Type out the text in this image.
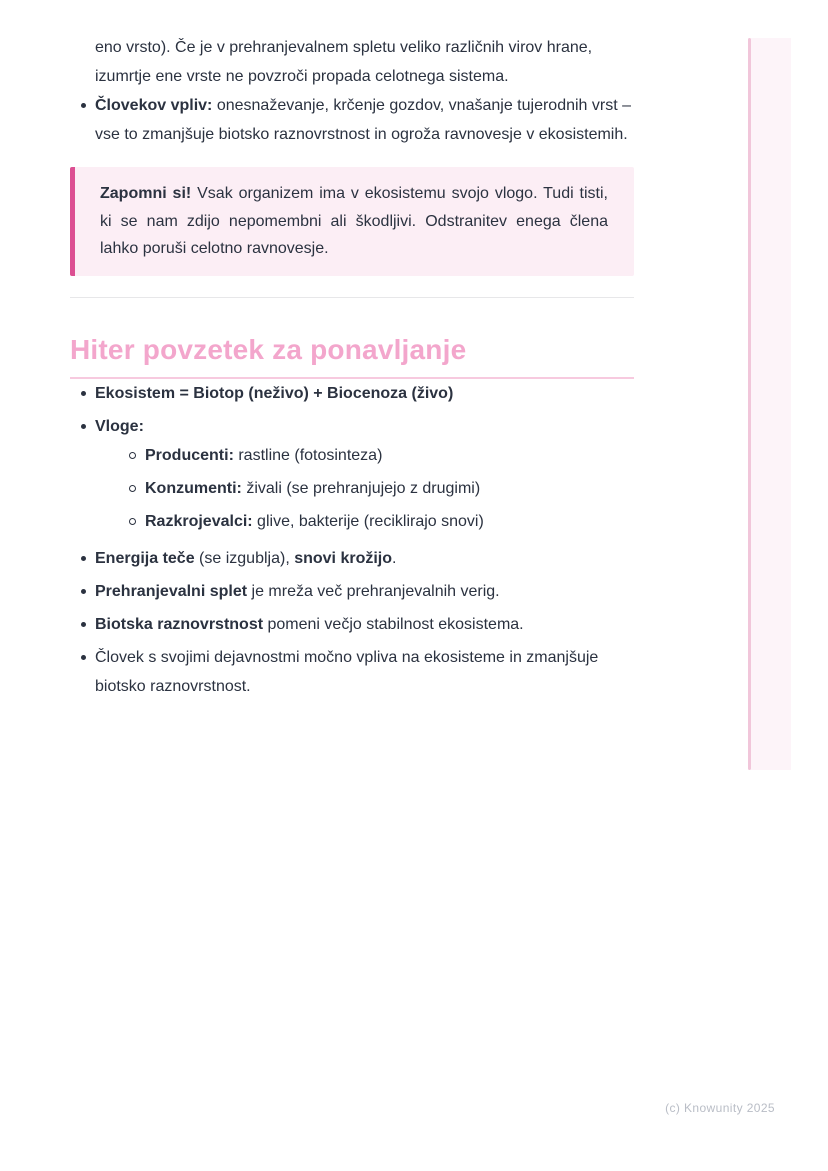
eno vrsto). Če je v prehranjevalnem spletu veliko različnih virov hrane, izumrtje ene vrste ne povzroči propada celotnega sistema.

Človekov vpliv: onesnaževanje, krčenje gozdov, vnašanje tujerodnih vrst – vse to zmanjšuje biotsko raznovrstnost in ogroža ravnovesje v ekosistemih.

Zapomni si! Vsak organizem ima v ekosistemu svojo vlogo. Tudi tisti, ki se nam zdijo nepomembni ali škodljivi. Odstranitev enega člena lahko poruši celotno ravnovesje.

Hiter povzetek za ponavljanje
Ekosistem = Biotop (neživo) + Biocenoza (živo)
Vloge:
Producenti: rastline (fotosinteza)
Konzumenti: živali (se prehranjujejo z drugimi)
Razkrojevalci: glive, bakterije (reciklirajo snovi)
Energija teče (se izgublja), snovi krožijo.
Prehranjevalni splet je mreža več prehranjevalnih verig.
Biotska raznovrstnost pomeni večjo stabilnost ekosistema.
Človek s svojimi dejavnostmi močno vpliva na ekosisteme in zmanjšuje biotsko raznovrstnost.
(c) Knowunity 2025
